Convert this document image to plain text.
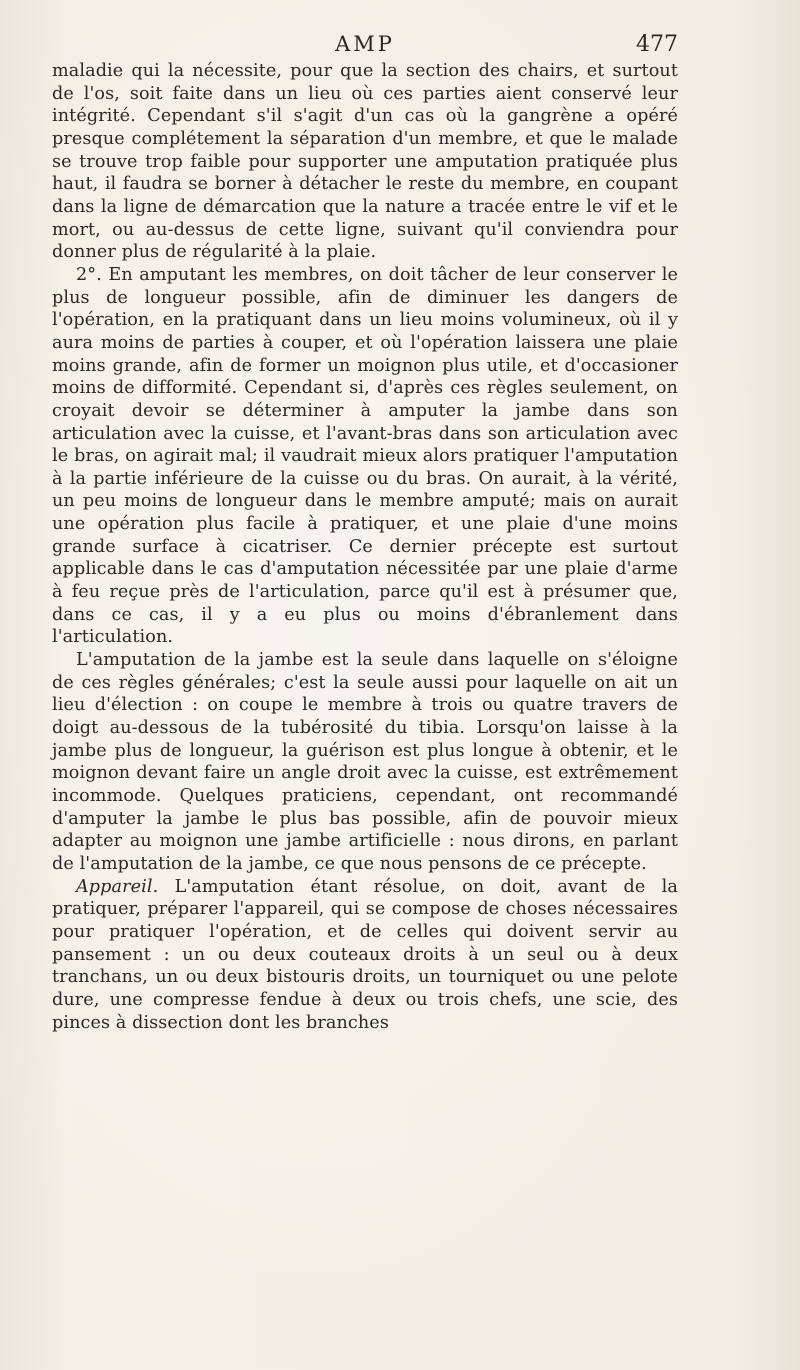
AMP	477

maladie qui la nécessite, pour que la section des chairs, et surtout de l'os, soit faite dans un lieu où ces parties aient conservé leur intégrité. Cependant s'il s'agit d'un cas où la gangrène a opéré presque complétement la séparation d'un membre, et que le malade se trouve trop faible pour supporter une amputation pratiquée plus haut, il faudra se borner à détacher le reste du membre, en coupant dans la ligne de démarcation que la nature a tracée entre le vif et le mort, ou au-dessus de cette ligne, suivant qu'il conviendra pour donner plus de régularité à la plaie.

2°. En amputant les membres, on doit tâcher de leur conserver le plus de longueur possible, afin de diminuer les dangers de l'opération, en la pratiquant dans un lieu moins volumineux, où il y aura moins de parties à couper, et où l'opération laissera une plaie moins grande, afin de former un moignon plus utile, et d'occasioner moins de difformité. Cependant si, d'après ces règles seulement, on croyait devoir se déterminer à amputer la jambe dans son articulation avec la cuisse, et l'avant-bras dans son articulation avec le bras, on agirait mal; il vaudrait mieux alors pratiquer l'amputation à la partie inférieure de la cuisse ou du bras. On aurait, à la vérité, un peu moins de longueur dans le membre amputé; mais on aurait une opération plus facile à pratiquer, et une plaie d'une moins grande surface à cicatriser. Ce dernier précepte est surtout applicable dans le cas d'amputation nécessitée par une plaie d'arme à feu reçue près de l'articulation, parce qu'il est à présumer que, dans ce cas, il y a eu plus ou moins d'ébranlement dans l'articulation.

L'amputation de la jambe est la seule dans laquelle on s'éloigne de ces règles générales; c'est la seule aussi pour laquelle on ait un lieu d'élection : on coupe le membre à trois ou quatre travers de doigt au-dessous de la tubérosité du tibia. Lorsqu'on laisse à la jambe plus de longueur, la guérison est plus longue à obtenir, et le moignon devant faire un angle droit avec la cuisse, est extrêmement incommode. Quelques praticiens, cependant, ont recommandé d'amputer la jambe le plus bas possible, afin de pouvoir mieux adapter au moignon une jambe artificielle : nous dirons, en parlant de l'amputation de la jambe, ce que nous pensons de ce précepte.

Appareil. L'amputation étant résolue, on doit, avant de la pratiquer, préparer l'appareil, qui se compose de choses nécessaires pour pratiquer l'opération, et de celles qui doivent servir au pansement : un ou deux couteaux droits à un seul ou à deux tranchans, un ou deux bistouris droits, un tourniquet ou une pelote dure, une compresse fendue à deux ou trois chefs, une scie, des pinces à dissection dont les branches
